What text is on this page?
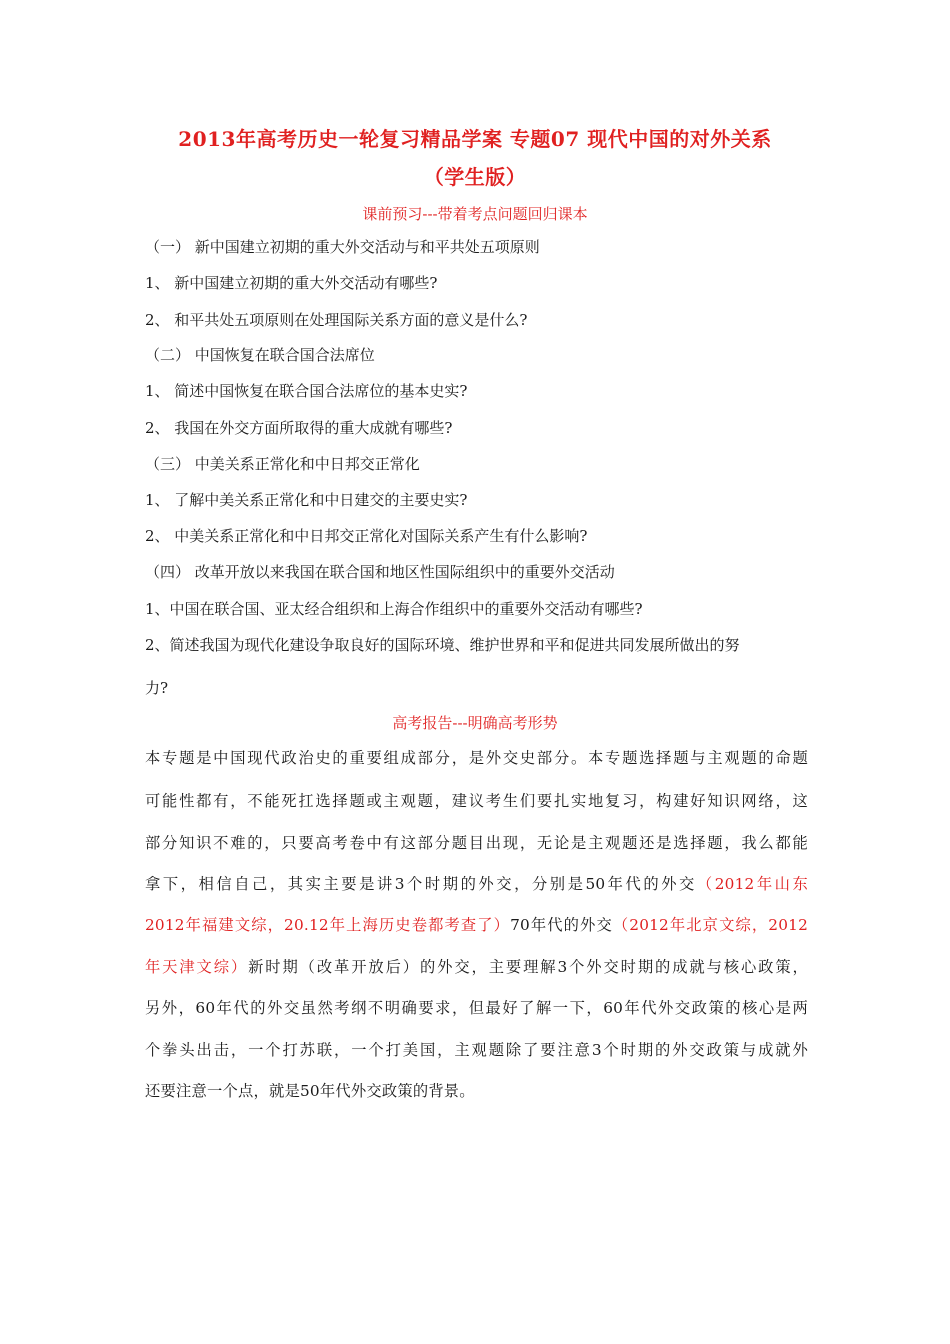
2013年高考历史一轮复习精品学案 专题07 现代中国的对外关系
（学生版）
课前预习---带着考点问题回归课本
（一） 新中国建立初期的重大外交活动与和平共处五项原则
1、 新中国建立初期的重大外交活动有哪些?
2、 和平共处五项原则在处理国际关系方面的意义是什么?
（二） 中国恢复在联合国合法席位
1、 简述中国恢复在联合国合法席位的基本史实?
2、 我国在外交方面所取得的重大成就有哪些?
（三） 中美关系正常化和中日邦交正常化
1、 了解中美关系正常化和中日建交的主要史实?
2、 中美关系正常化和中日邦交正常化对国际关系产生有什么影响?
（四） 改革开放以来我国在联合国和地区性国际组织中的重要外交活动
1、中国在联合国、亚太经合组织和上海合作组织中的重要外交活动有哪些?
2、简述我国为现代化建设争取良好的国际环境、维护世界和平和促进共同发展所做出的努
力?
高考报告---明确高考形势
本专题是中国现代政治史的重要组成部分，是外交史部分。本专题选择题与主观题的命题
可能性都有，不能死扛选择题或主观题，建议考生们要扎实地复习，构建好知识网络，这
部分知识不难的，只要高考卷中有这部分题目出现，无论是主观题还是选择题，我么都能
拿下，相信自己，其实主要是讲3个时期的外交，分别是50年代的外交（2012年山东
2012年福建文综，20.12年上海历史卷都考查了）70年代的外交（2012年北京文综，2012
年天津文综）新时期（改革开放后）的外交，主要理解3个外交时期的成就与核心政策，
另外，60年代的外交虽然考纲不明确要求，但最好了解一下，60年代外交政策的核心是两
个拳头出击，一个打苏联，一个打美国，主观题除了要注意3个时期的外交政策与成就外
还要注意一个点，就是50年代外交政策的背景。
